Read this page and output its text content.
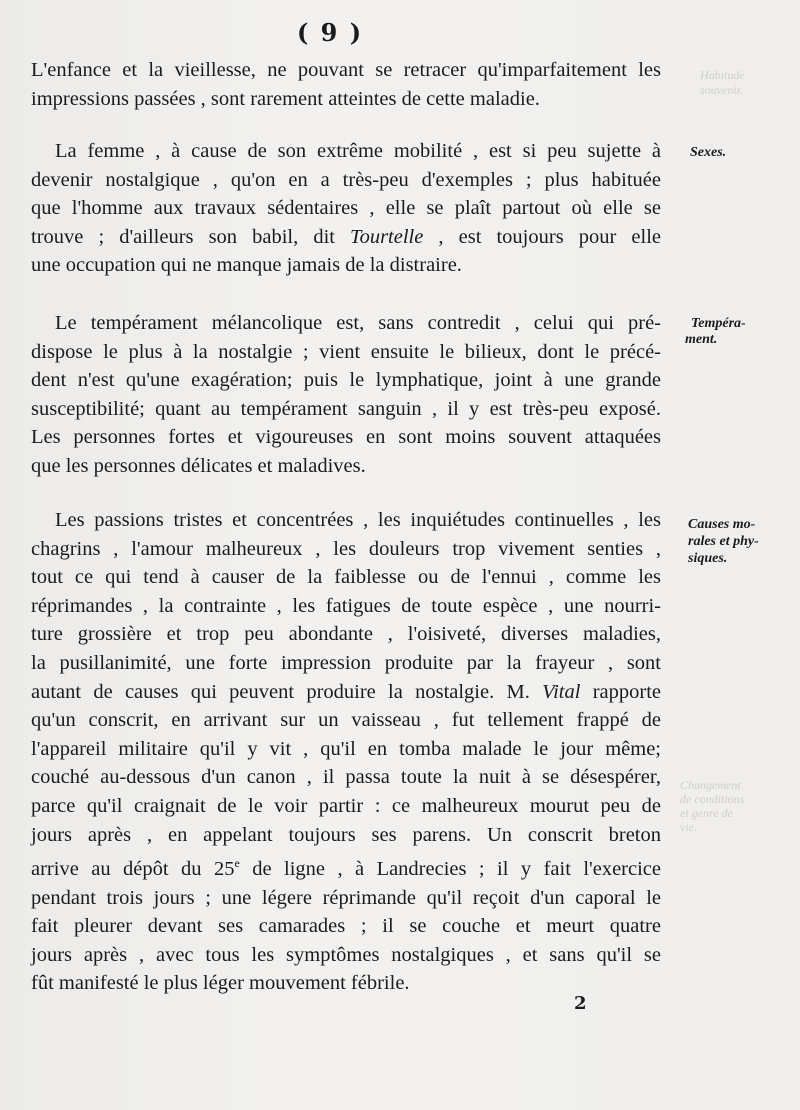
Habitude
souvenir.
Changement
de conditions
et genre de
vie.
( 9 )
L'enfance et la vieillesse, ne pouvant se retracer qu'imparfaitement les
impressions passées , sont rarement atteintes de cette maladie.
La femme , à cause de son extrême mobilité , est si peu sujette à
devenir nostalgique , qu'on en a très-peu d'exemples ; plus habituée
que l'homme aux travaux sédentaires , elle se plaît partout où elle se
trouve ; d'ailleurs son babil, dit Tourtelle , est toujours pour elle
une occupation qui ne manque jamais de la distraire.
Le tempérament mélancolique est, sans contredit , celui qui pré-
dispose le plus à la nostalgie ; vient ensuite le bilieux, dont le précé-
dent n'est qu'une exagération; puis le lymphatique, joint à une grande
susceptibilité; quant au tempérament sanguin , il y est très-peu exposé.
Les personnes fortes et vigoureuses en sont moins souvent attaquées
que les personnes délicates et maladives.
Les passions tristes et concentrées , les inquiétudes continuelles , les
chagrins , l'amour malheureux , les douleurs trop vivement senties ,
tout ce qui tend à causer de la faiblesse ou de l'ennui , comme les
réprimandes , la contrainte , les fatigues de toute espèce , une nourri-
ture grossière et trop peu abondante , l'oisiveté, diverses maladies,
la pusillanimité, une forte impression produite par la frayeur , sont
autant de causes qui peuvent produire la nostalgie. M. Vital rapporte
qu'un conscrit, en arrivant sur un vaisseau , fut tellement frappé de
l'appareil militaire qu'il y vit , qu'il en tomba malade le jour même;
couché au-dessous d'un canon , il passa toute la nuit à se désespérer,
parce qu'il craignait de le voir partir : ce malheureux mourut peu de
jours après , en appelant toujours ses parens. Un conscrit breton
arrive au dépôt du 25e de ligne , à Landrecies ; il y fait l'exercice
pendant trois jours ; une légere réprimande qu'il reçoit d'un caporal le
fait pleurer devant ses camarades ; il se couche et meurt quatre
jours après , avec tous les symptômes nostalgiques , et sans qu'il se
fût manifesté le plus léger mouvement fébrile.
Sexes.
Tempéra-
ment.
Causes mo-
rales et phy-
siques.
2
